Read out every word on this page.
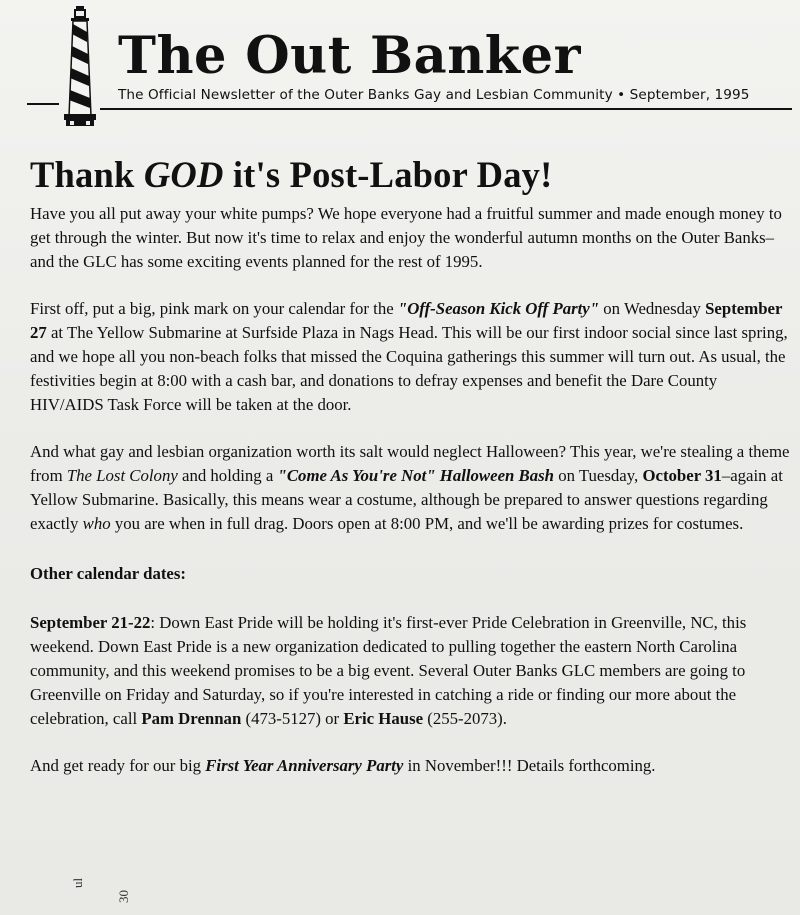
The Out Banker
The Official Newsletter of the Outer Banks Gay and Lesbian Community • September, 1995
Thank GOD it's Post-Labor Day!

Have you all put away your white pumps? We hope everyone had a fruitful summer and made enough money to get through the winter. But now it's time to relax and enjoy the wonderful autumn months on the Outer Banks–and the GLC has some exciting events planned for the rest of 1995.

First off, put a big, pink mark on your calendar for the "Off-Season Kick Off Party" on Wednesday September 27 at The Yellow Submarine at Surfside Plaza in Nags Head. This will be our first indoor social since last spring, and we hope all you non-beach folks that missed the Coquina gatherings this summer will turn out. As usual, the festivities begin at 8:00 with a cash bar, and donations to defray expenses and benefit the Dare County HIV/AIDS Task Force will be taken at the door.

And what gay and lesbian organization worth its salt would neglect Halloween? This year, we're stealing a theme from The Lost Colony and holding a "Come As You're Not" Halloween Bash on Tuesday, October 31–again at Yellow Submarine. Basically, this means wear a costume, although be prepared to answer questions regarding exactly who you are when in full drag. Doors open at 8:00 PM, and we'll be awarding prizes for costumes.

Other calendar dates:

September 21-22: Down East Pride will be holding it's first-ever Pride Celebration in Greenville, NC, this weekend. Down East Pride is a new organization dedicated to pulling together the eastern North Carolina community, and this weekend promises to be a big event. Several Outer Banks GLC members are going to Greenville on Friday and Saturday, so if you're interested in catching a ride or finding our more about the celebration, call Pam Drennan (473-5127) or Eric Hause (255-2073).

And get ready for our big First Year Anniversary Party in November!!! Details forthcoming.

ul
30
